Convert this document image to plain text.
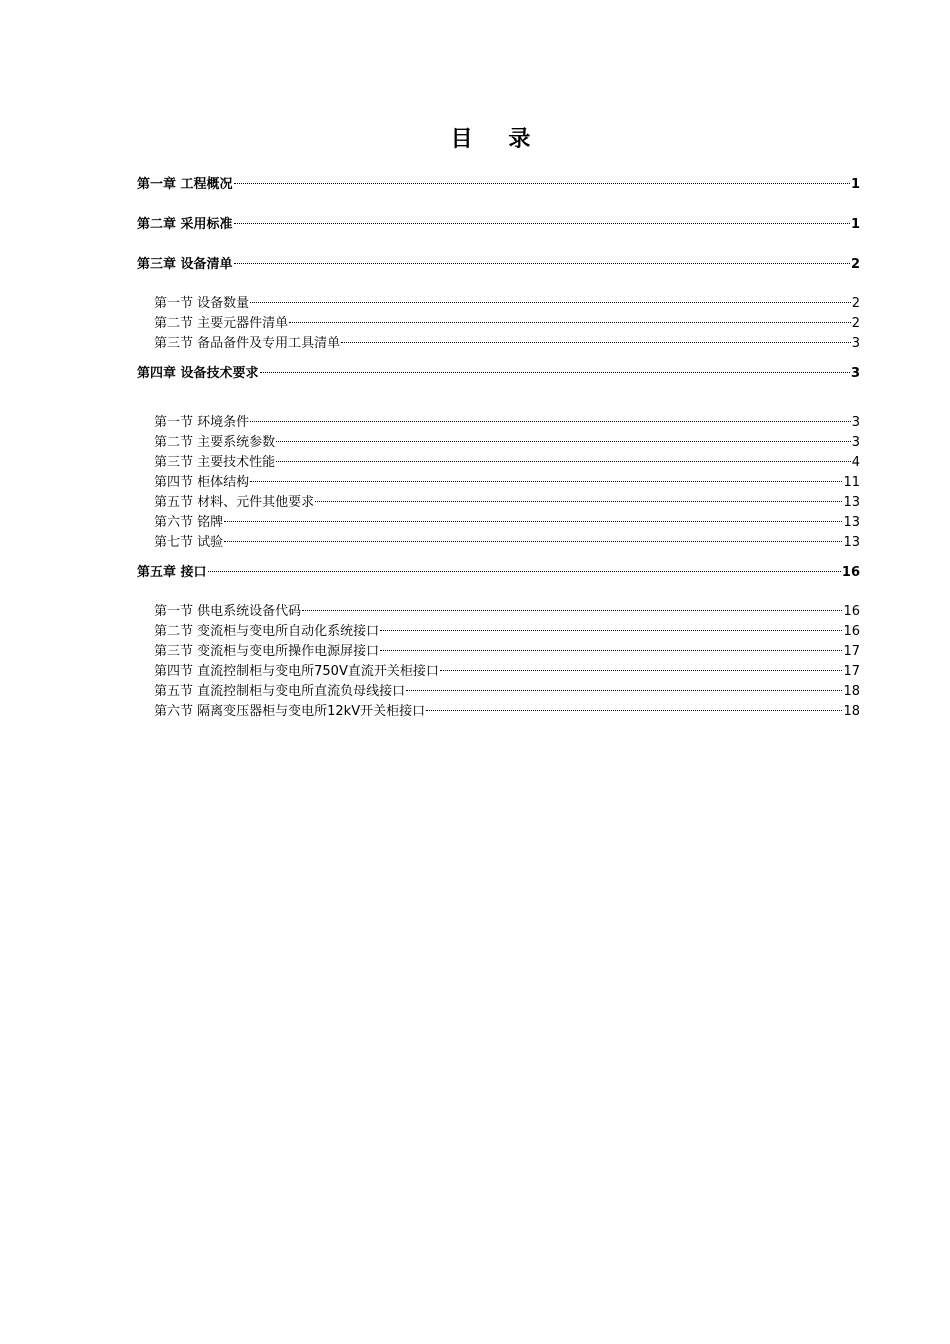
目 录
第一章 工程概况	1
第二章 采用标准	1
第三章 设备清单	2
第一节 设备数量	2
第二节 主要元器件清单	2
第三节 备品备件及专用工具清单	3
第四章 设备技术要求	3
第一节 环境条件	3
第二节 主要系统参数	3
第三节 主要技术性能	4
第四节 柜体结构	11
第五节 材料、元件其他要求	13
第六节 铭牌	13
第七节 试验	13
第五章 接口	16
第一节 供电系统设备代码	16
第二节 变流柜与变电所自动化系统接口	16
第三节 变流柜与变电所操作电源屏接口	17
第四节 直流控制柜与变电所750V直流开关柜接口	17
第五节 直流控制柜与变电所直流负母线接口	18
第六节 隔离变压器柜与变电所12kV开关柜接口	18
